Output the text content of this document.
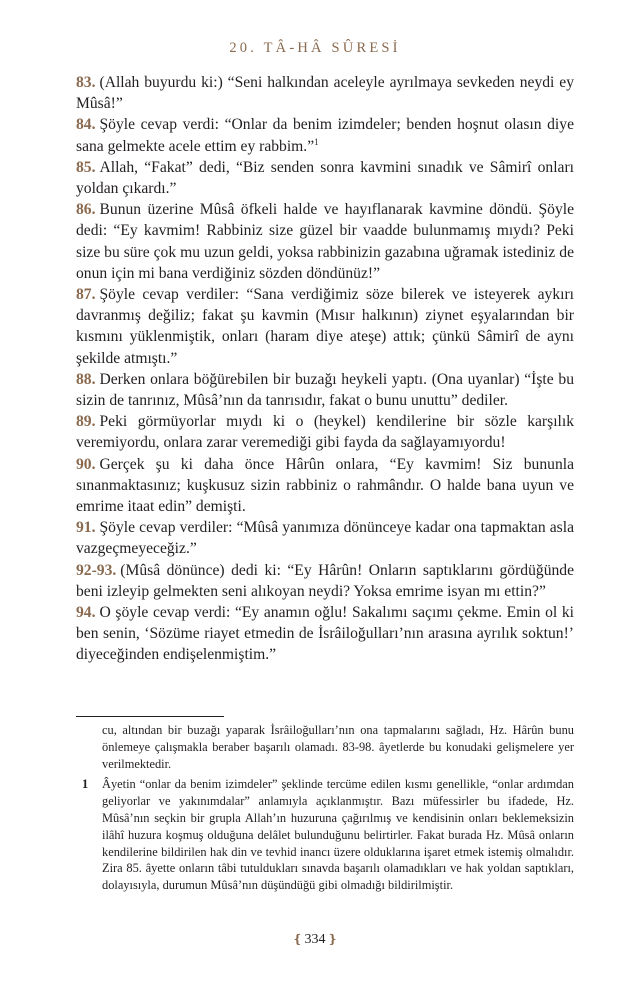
20. TÂ-HÂ SÛRESİ

83. (Allah buyurdu ki:) “Seni halkından aceleyle ayrılmaya sevkeden neydi ey Mûsâ!”

84. Şöyle cevap verdi: “Onlar da benim izimdeler; benden hoşnut olasın diye sana gelmekte acele ettim ey rabbim.”$^1$

85. Allah, “Fakat” dedi, “Biz senden sonra kavmini sınadık ve Sâmirî onları yoldan çıkardı.”

86. Bunun üzerine Mûsâ öfkeli halde ve hayıflanarak kavmine döndü. Şöyle dedi: “Ey kavmim! Rabbiniz size güzel bir vaadde bulunmamış mıydı? Peki size bu süre çok mu uzun geldi, yoksa rabbinizin gazabına uğramak istediniz de onun için mi bana verdiğiniz sözden döndünüz!”

87. Şöyle cevap verdiler: “Sana verdiğimiz söze bilerek ve isteyerek aykırı davranmış değiliz; fakat şu kavmin (Mısır halkının) ziynet eşyalarından bir kısmını yüklenmiştik, onları (haram diye ateşe) attık; çünkü Sâmirî de aynı şekilde atmıştı.”

88. Derken onlara böğürebilen bir buzağı heykeli yaptı. (Ona uyanlar) “İşte bu sizin de tanrınız, Mûsâ’nın da tanrısıdır, fakat o bunu unuttu” dediler.

89. Peki görmüyorlar mıydı ki o (heykel) kendilerine bir sözle karşılık veremiyordu, onlara zarar veremediği gibi fayda da sağlayamıyordu!

90. Gerçek şu ki daha önce Hârûn onlara, “Ey kavmim! Siz bununla sınanmaktasınız; kuşkusuz sizin rabbiniz o rahmândır. O halde bana uyun ve emrime itaat edin” demişti.

91. Şöyle cevap verdiler: “Mûsâ yanımıza dönünceye kadar ona tapmaktan asla vazgeçmeyeceğiz.”

92-93. (Mûsâ dönünce) dedi ki: “Ey Hârûn! Onların saptıklarını gördüğünde beni izleyip gelmekten seni alıkoyan neydi? Yoksa emrime isyan mı ettin?”

94. O şöyle cevap verdi: “Ey anamın oğlu! Sakalımı saçımı çekme. Emin ol ki ben senin, ‘Sözüme riayet etmedin de İsrâiloğulları’nın arasına ayrılık soktun!’ diyeceğinden endişelenmiştim.”

cu, altından bir buzağı yaparak İsrâiloğulları’nın ona tapmalarını sağladı, Hz. Hârûn bunu önlemeye çalışmakla beraber başarılı olamadı. 83-98. âyetlerde bu konudaki gelişmelere yer verilmektedir.
1	Âyetin “onlar da benim izimdeler” şeklinde tercüme edilen kısmı genellikle, “onlar ardımdan geliyorlar ve yakınımdalar” anlamıyla açıklanmıştır. Bazı müfessirler bu ifadede, Hz. Mûsâ’nın seçkin bir grupla Allah’ın huzuruna çağırılmış ve kendisinin onları beklemeksizin ilâhî huzura koşmuş olduğuna delâlet bulunduğunu belirtirler. Fakat burada Hz. Mûsâ onların kendilerine bildirilen hak din ve tevhid inancı üzere olduklarına işaret etmek istemiş olmalıdır. Zira 85. âyette onların tâbi tutuldukları sınavda başarılı olamadıkları ve hak yoldan saptıkları, dolayısıyla, durumun Mûsâ’nın düşündüğü gibi olmadığı bildirilmiştir.
❴ 334 ❵
